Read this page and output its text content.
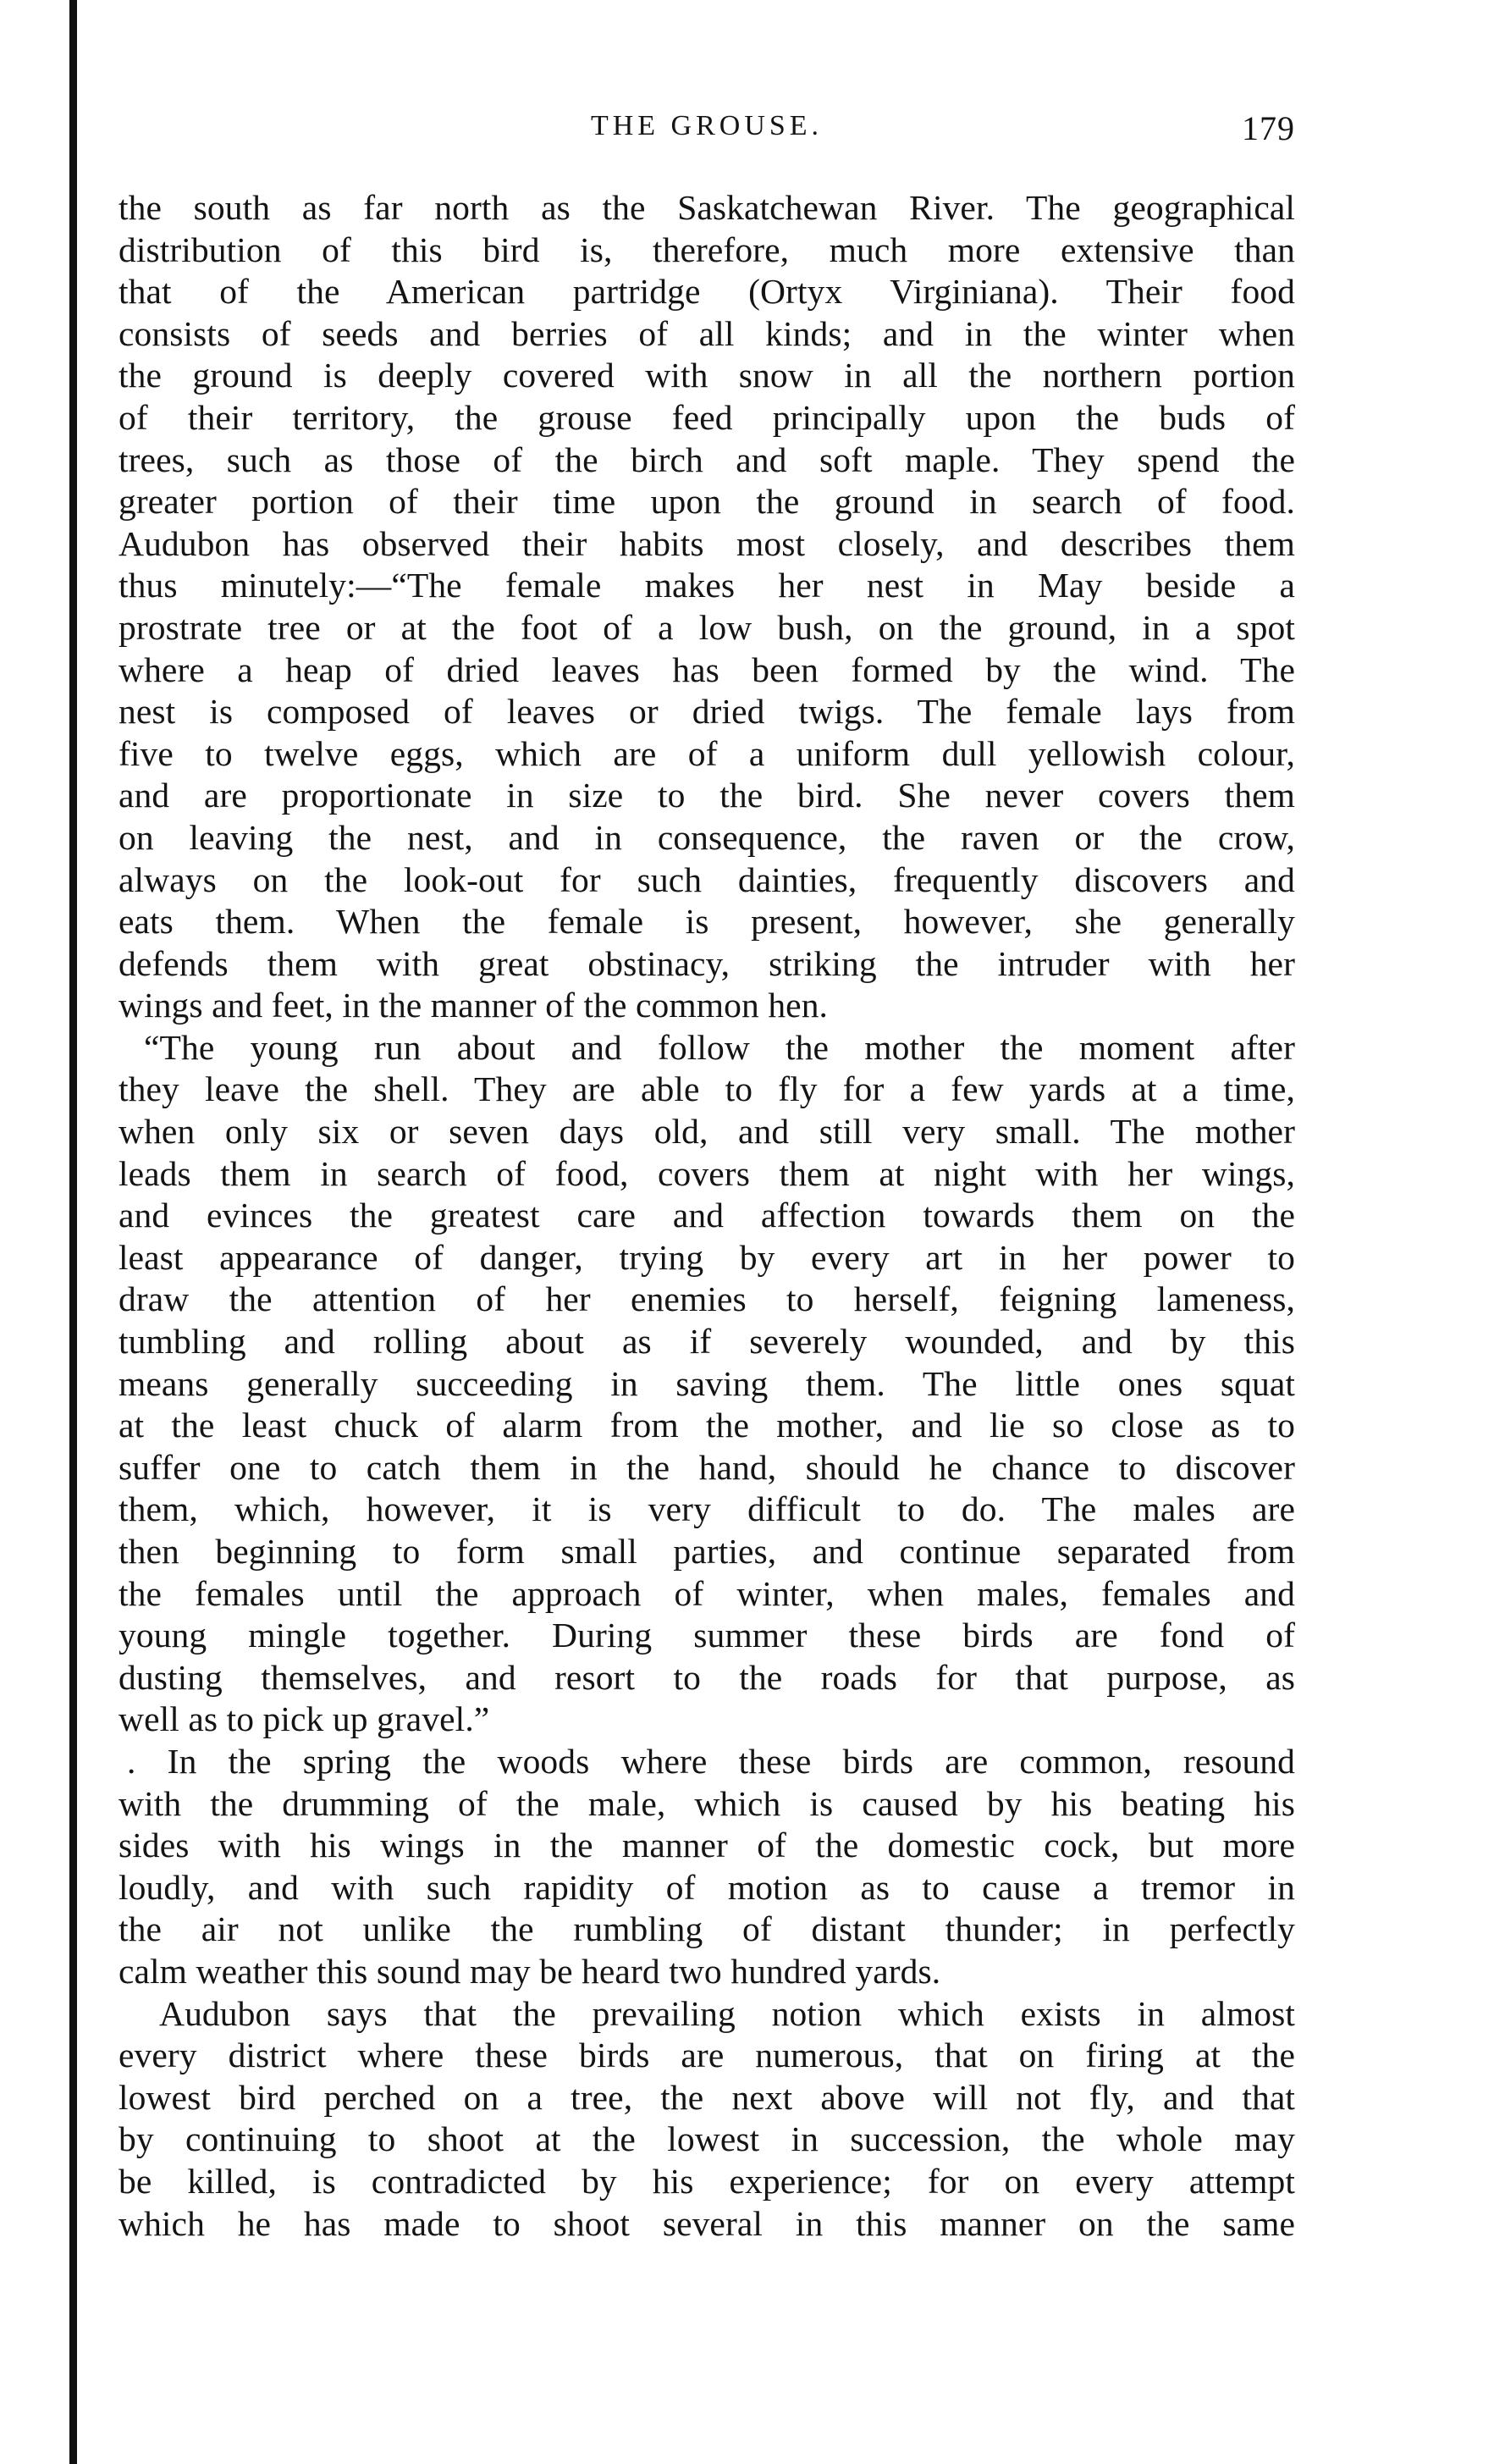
THE GROUSE.	179
the south as far north as the Saskatchewan River. The geographical
distribution of this bird is, therefore, much more extensive than
that of the American partridge (Ortyx Virginiana). Their food
consists of seeds and berries of all kinds; and in the winter when
the ground is deeply covered with snow in all the northern portion
of their territory, the grouse feed principally upon the buds of
trees, such as those of the birch and soft maple. They spend the
greater portion of their time upon the ground in search of food.
Audubon has observed their habits most closely, and describes them
thus minutely:—“The female makes her nest in May beside a
prostrate tree or at the foot of a low bush, on the ground, in a spot
where a heap of dried leaves has been formed by the wind. The
nest is composed of leaves or dried twigs. The female lays from
five to twelve eggs, which are of a uniform dull yellowish colour,
and are proportionate in size to the bird. She never covers them
on leaving the nest, and in consequence, the raven or the crow,
always on the look-out for such dainties, frequently discovers and
eats them. When the female is present, however, she generally
defends them with great obstinacy, striking the intruder with her
wings and feet, in the manner of the common hen.
“The young run about and follow the mother the moment after
they leave the shell. They are able to fly for a few yards at a time,
when only six or seven days old, and still very small. The mother
leads them in search of food, covers them at night with her wings,
and evinces the greatest care and affection towards them on the
least appearance of danger, trying by every art in her power to
draw the attention of her enemies to herself, feigning lameness,
tumbling and rolling about as if severely wounded, and by this
means generally succeeding in saving them. The little ones squat
at the least chuck of alarm from the mother, and lie so close as to
suffer one to catch them in the hand, should he chance to discover
them, which, however, it is very difficult to do. The males are
then beginning to form small parties, and continue separated from
the females until the approach of winter, when males, females and
young mingle together. During summer these birds are fond of
dusting themselves, and resort to the roads for that purpose, as
well as to pick up gravel.”
. In the spring the woods where these birds are common, resound
with the drumming of the male, which is caused by his beating his
sides with his wings in the manner of the domestic cock, but more
loudly, and with such rapidity of motion as to cause a tremor in
the air not unlike the rumbling of distant thunder; in perfectly
calm weather this sound may be heard two hundred yards.
Audubon says that the prevailing notion which exists in almost
every district where these birds are numerous, that on firing at the
lowest bird perched on a tree, the next above will not fly, and that
by continuing to shoot at the lowest in succession, the whole may
be killed, is contradicted by his experience; for on every attempt
which he has made to shoot several in this manner on the same
